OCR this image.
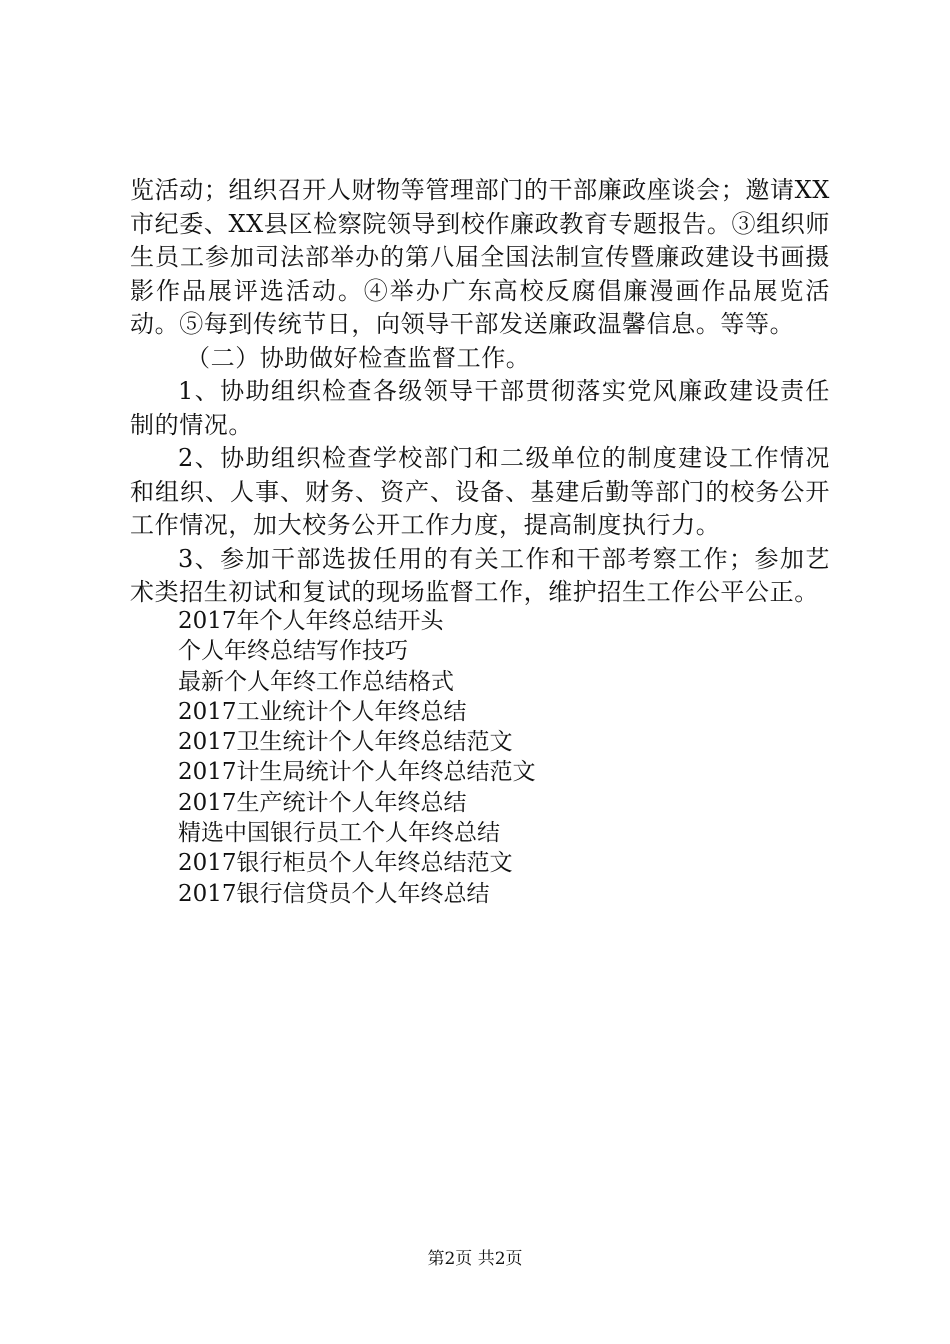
览活动；组织召开人财物等管理部门的干部廉政座谈会；邀请XX市纪委、XX县区检察院领导到校作廉政教育专题报告。③组织师生员工参加司法部举办的第八届全国法制宣传暨廉政建设书画摄影作品展评选活动。④举办广东高校反腐倡廉漫画作品展览活动。⑤每到传统节日，向领导干部发送廉政温馨信息。等等。

（二）协助做好检查监督工作。

1、协助组织检查各级领导干部贯彻落实党风廉政建设责任制的情况。

2、协助组织检查学校部门和二级单位的制度建设工作情况和组织、人事、财务、资产、设备、基建后勤等部门的校务公开工作情况，加大校务公开工作力度，提高制度执行力。

3、参加干部选拔任用的有关工作和干部考察工作；参加艺术类招生初试和复试的现场监督工作，维护招生工作公平公正。

2017年个人年终总结开头
个人年终总结写作技巧
最新个人年终工作总结格式
2017工业统计个人年终总结
2017卫生统计个人年终总结范文
2017计生局统计个人年终总结范文
2017生产统计个人年终总结
精选中国银行员工个人年终总结
2017银行柜员个人年终总结范文
2017银行信贷员个人年终总结
第2页 共2页
